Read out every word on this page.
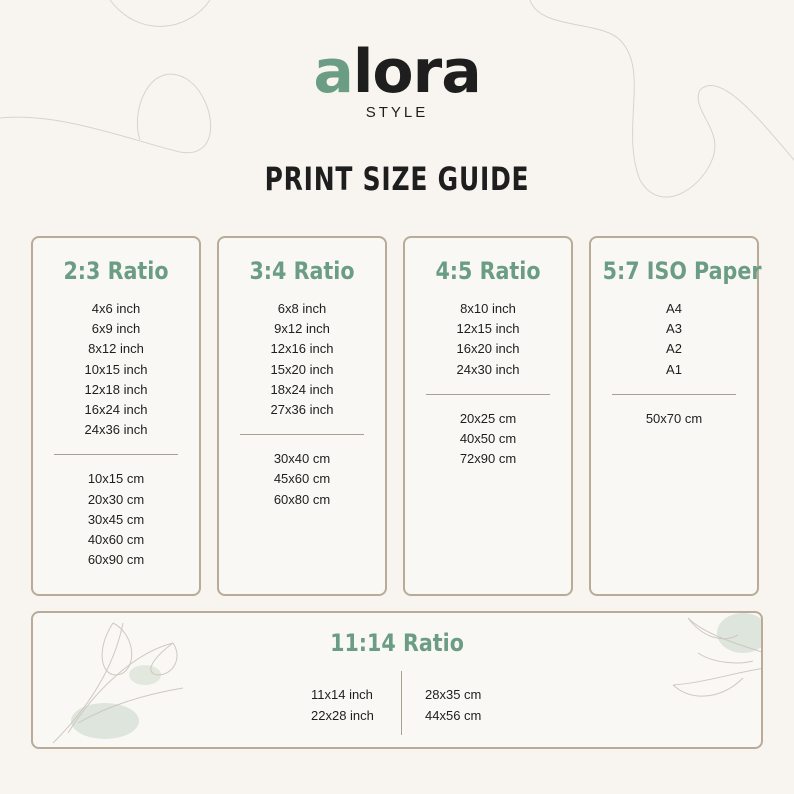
alora
STYLE
PRINT SIZE GUIDE
2:3 Ratio
4x6 inch
6x9 inch
8x12 inch
10x15 inch
12x18 inch
16x24 inch
24x36 inch
10x15 cm
20x30 cm
30x45 cm
40x60 cm
60x90 cm
3:4 Ratio
6x8 inch
9x12 inch
12x16 inch
15x20 inch
18x24 inch
27x36 inch
30x40 cm
45x60 cm
60x80 cm
4:5 Ratio
8x10 inch
12x15 inch
16x20 inch
24x30 inch
20x25 cm
40x50 cm
72x90 cm
5:7 ISO Paper
A4
A3
A2
A1
50x70 cm
11:14 Ratio
11x14 inch
22x28 inch
28x35 cm
44x56 cm
